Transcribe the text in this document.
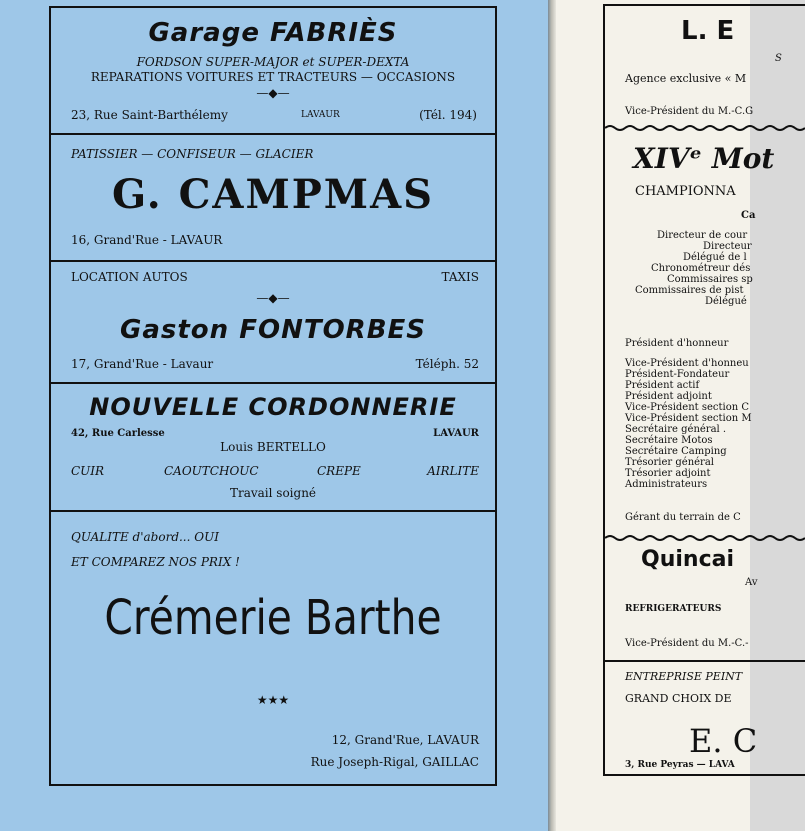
Garage FABRIÈS
FORDSON SUPER-MAJOR et SUPER-DEXTA
REPARATIONS VOITURES ET TRACTEURS — OCCASIONS
—◆—
23, Rue Saint-Barthélemy	LAVAUR	(Tél. 194)
PATISSIER — CONFISEUR — GLACIER
G. CAMPMAS
16, Grand'Rue - LAVAUR
LOCATION AUTOS	TAXIS
—◆—
Gaston FONTORBES
17, Grand'Rue - Lavaur	Téléph. 52
NOUVELLE CORDONNERIE
42, Rue Carlesse	LAVAUR
Louis BERTELLO
CUIR	CAOUTCHOUC	CREPE	AIRLITE
Travail soigné
QUALITE d'abord... OUI
ET COMPAREZ NOS PRIX !
Crémerie Barthe
★★★
12, Grand'Rue, LAVAUR
Rue Joseph-Rigal, GAILLAC
L. E
S
Agence exclusive « M
Vice-Président du M.-C.G
XIVᵉ Mot
CHAMPIONNA
Ca
Directeur de cour
Directeur
Délégué de l
Chronométreur dés
Commissaires sp
Commissaires de pist
Délégué
Président d'honneur
Vice-Président d'honneu
Président-Fondateur
Président actif
Président adjoint
Vice-Président section C
Vice-Président section M
Secrétaire général .
Secrétaire Motos
Secrétaire Camping
Trésorier général
Trésorier adjoint
Administrateurs
Gérant du terrain de C
Quincai
Av
REFRIGERATEURS
Vice-Président du M.-C.-
ENTREPRISE PEINT
GRAND CHOIX DE
E. C
3, Rue Peyras — LAVA
